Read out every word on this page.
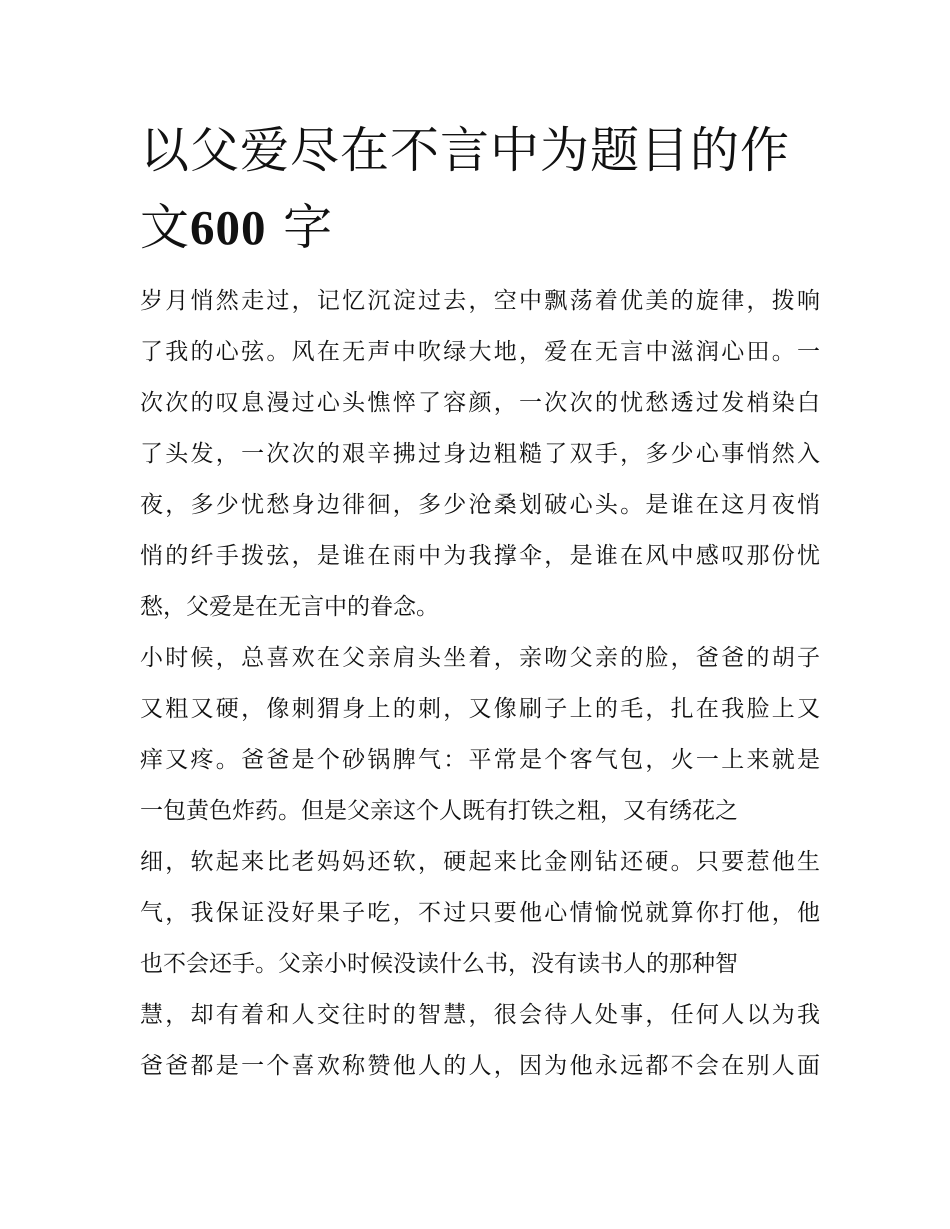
以父爱尽在不言中为题目的作
文600 字
岁月悄然走过，记忆沉淀过去，空中飘荡着优美的旋律，拨响
了我的心弦。风在无声中吹绿大地，爱在无言中滋润心田。一
次次的叹息漫过心头憔悴了容颜，一次次的忧愁透过发梢染白
了头发，一次次的艰辛拂过身边粗糙了双手，多少心事悄然入
夜，多少忧愁身边徘徊，多少沧桑划破心头。是谁在这月夜悄
悄的纤手拨弦，是谁在雨中为我撑伞，是谁在风中感叹那份忧
愁，父爱是在无言中的眷念。
小时候，总喜欢在父亲肩头坐着，亲吻父亲的脸，爸爸的胡子
又粗又硬，像刺猬身上的刺，又像刷子上的毛，扎在我脸上又
痒又疼。爸爸是个砂锅脾气：平常是个客气包，火一上来就是
一包黄色炸药。但是父亲这个人既有打铁之粗，又有绣花之
细，软起来比老妈妈还软，硬起来比金刚钻还硬。只要惹他生
气，我保证没好果子吃，不过只要他心情愉悦就算你打他，他
也不会还手。父亲小时候没读什么书，没有读书人的那种智
慧，却有着和人交往时的智慧，很会待人处事，任何人以为我
爸爸都是一个喜欢称赞他人的人，因为他永远都不会在别人面
